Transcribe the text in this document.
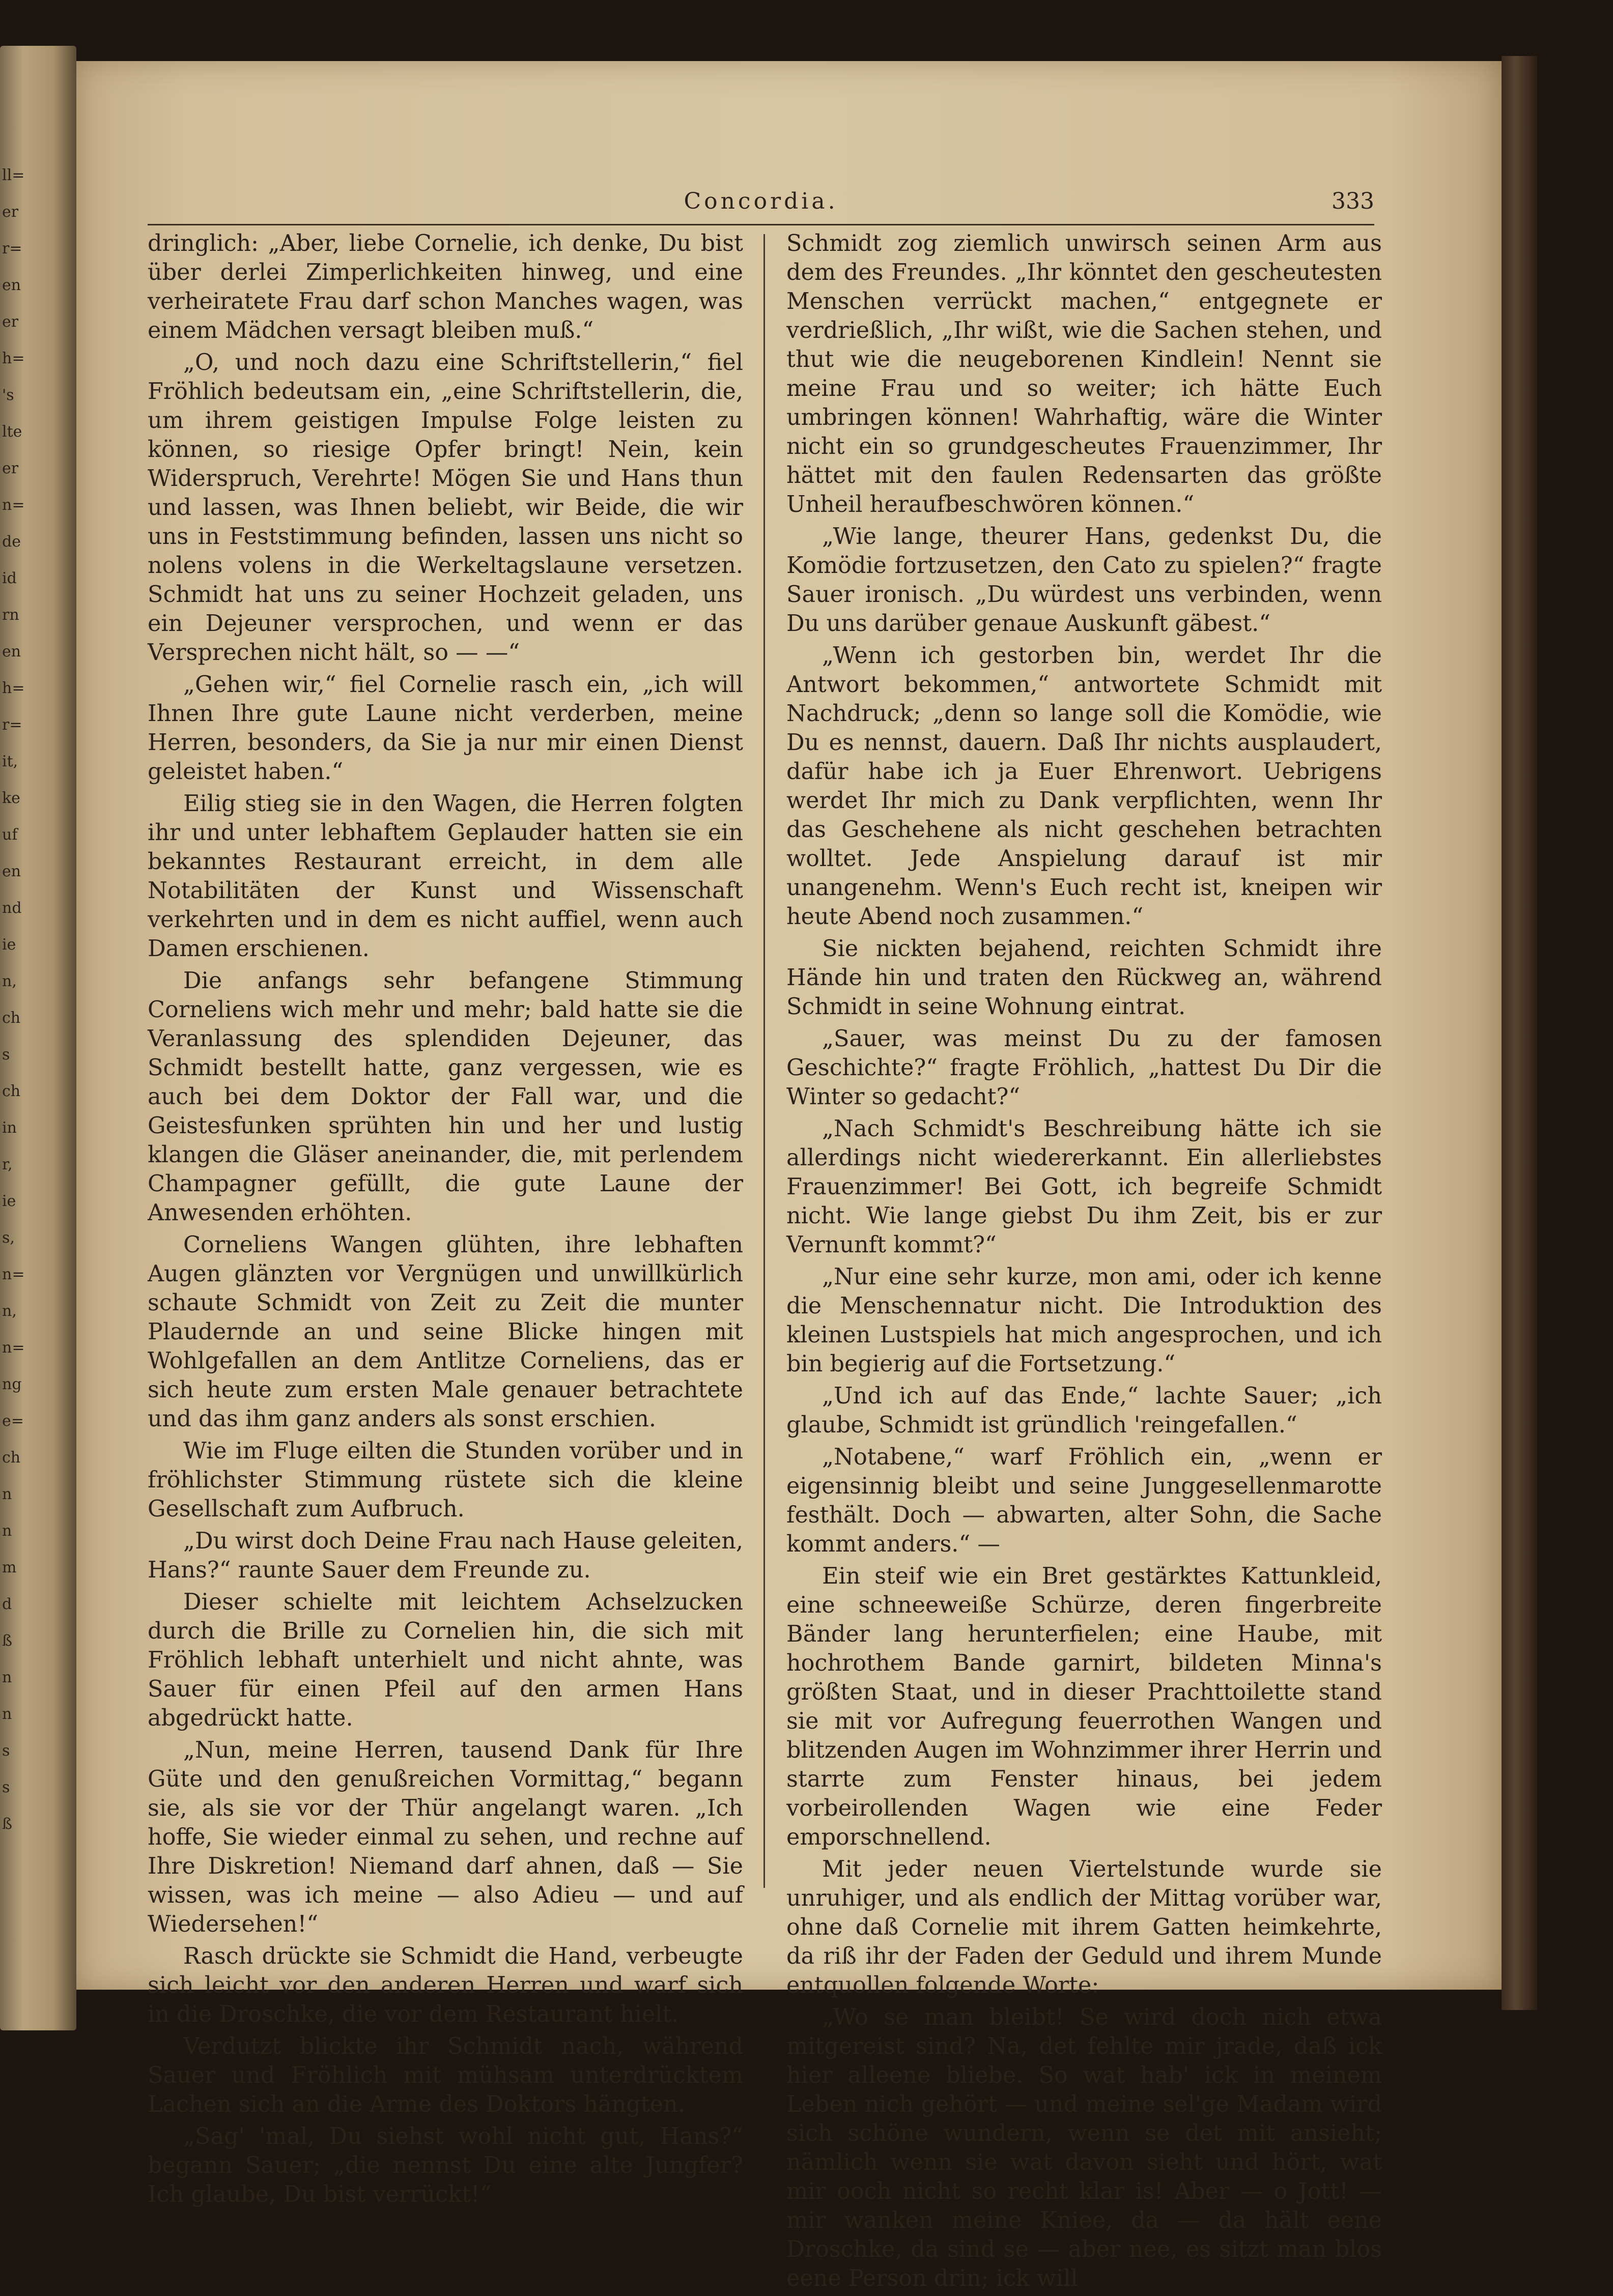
ll=
er
r=
en
er
h=
's
lte
er
n=
de
id
rn
en
h=
r=
it,
ke
uf
en
nd
ie
n,
ch
s
ch
in
r,
ie
s,
n=
n,
n=
ng
e=
ch
n
n
m
d
ß
n
n
s
s
ß
Concordia.	333

dringlich: „Aber, liebe Cornelie, ich denke, Du bist über derlei Zimperlichkeiten hinweg, und eine verheiratete Frau darf schon Manches wagen, was einem Mädchen versagt bleiben muß.“

„O, und noch dazu eine Schriftstellerin,“ fiel Fröhlich bedeutsam ein, „eine Schriftstellerin, die, um ihrem geistigen Impulse Folge leisten zu können, so riesige Opfer bringt! Nein, kein Widerspruch, Verehrte! Mögen Sie und Hans thun und lassen, was Ihnen beliebt, wir Beide, die wir uns in Feststimmung befinden, lassen uns nicht so nolens volens in die Werkeltagslaune versetzen. Schmidt hat uns zu seiner Hochzeit geladen, uns ein Dejeuner versprochen, und wenn er das Versprechen nicht hält, so — —“

„Gehen wir,“ fiel Cornelie rasch ein, „ich will Ihnen Ihre gute Laune nicht verderben, meine Herren, besonders, da Sie ja nur mir einen Dienst geleistet haben.“

Eilig stieg sie in den Wagen, die Herren folgten ihr und unter lebhaftem Geplauder hatten sie ein bekanntes Restaurant erreicht, in dem alle Notabilitäten der Kunst und Wissenschaft verkehrten und in dem es nicht auffiel, wenn auch Damen erschienen.

Die anfangs sehr befangene Stimmung Corneliens wich mehr und mehr; bald hatte sie die Veranlassung des splendiden Dejeuner, das Schmidt bestellt hatte, ganz vergessen, wie es auch bei dem Doktor der Fall war, und die Geistesfunken sprühten hin und her und lustig klangen die Gläser aneinander, die, mit perlendem Champagner gefüllt, die gute Laune der Anwesenden erhöhten.

Corneliens Wangen glühten, ihre lebhaften Augen glänzten vor Vergnügen und unwillkürlich schaute Schmidt von Zeit zu Zeit die munter Plaudernde an und seine Blicke hingen mit Wohlgefallen an dem Antlitze Corneliens, das er sich heute zum ersten Male genauer betrachtete und das ihm ganz anders als sonst erschien.

Wie im Fluge eilten die Stunden vorüber und in fröhlichster Stimmung rüstete sich die kleine Gesellschaft zum Aufbruch.

„Du wirst doch Deine Frau nach Hause geleiten, Hans?“ raunte Sauer dem Freunde zu.

Dieser schielte mit leichtem Achselzucken durch die Brille zu Cornelien hin, die sich mit Fröhlich lebhaft unterhielt und nicht ahnte, was Sauer für einen Pfeil auf den armen Hans abgedrückt hatte.

„Nun, meine Herren, tausend Dank für Ihre Güte und den genußreichen Vormittag,“ begann sie, als sie vor der Thür angelangt waren. „Ich hoffe, Sie wieder einmal zu sehen, und rechne auf Ihre Diskretion! Niemand darf ahnen, daß — Sie wissen, was ich meine — also Adieu — und auf Wiedersehen!“

Rasch drückte sie Schmidt die Hand, verbeugte sich leicht vor den anderen Herren und warf sich in die Droschke, die vor dem Restaurant hielt.

Verdutzt blickte ihr Schmidt nach, während Sauer und Fröhlich mit mühsam unterdrücktem Lachen sich an die Arme des Doktors hängten.

„Sag' 'mal, Du siehst wohl nicht gut, Hans?“ begann Sauer; „die nennst Du eine alte Jungfer? Ich glaube, Du bist verrückt!“

Schmidt zog ziemlich unwirsch seinen Arm aus dem des Freundes. „Ihr könntet den gescheutesten Menschen verrückt machen,“ entgegnete er verdrießlich, „Ihr wißt, wie die Sachen stehen, und thut wie die neugeborenen Kindlein! Nennt sie meine Frau und so weiter; ich hätte Euch umbringen können! Wahrhaftig, wäre die Winter nicht ein so grundgescheutes Frauenzimmer, Ihr hättet mit den faulen Redensarten das größte Unheil heraufbeschwören können.“

„Wie lange, theurer Hans, gedenkst Du, die Komödie fortzusetzen, den Cato zu spielen?“ fragte Sauer ironisch. „Du würdest uns verbinden, wenn Du uns darüber genaue Auskunft gäbest.“

„Wenn ich gestorben bin, werdet Ihr die Antwort bekommen,“ antwortete Schmidt mit Nachdruck; „denn so lange soll die Komödie, wie Du es nennst, dauern. Daß Ihr nichts ausplaudert, dafür habe ich ja Euer Ehrenwort. Uebrigens werdet Ihr mich zu Dank verpflichten, wenn Ihr das Geschehene als nicht geschehen betrachten wolltet. Jede Anspielung darauf ist mir unangenehm. Wenn's Euch recht ist, kneipen wir heute Abend noch zusammen.“

Sie nickten bejahend, reichten Schmidt ihre Hände hin und traten den Rückweg an, während Schmidt in seine Wohnung eintrat.

„Sauer, was meinst Du zu der famosen Geschichte?“ fragte Fröhlich, „hattest Du Dir die Winter so gedacht?“

„Nach Schmidt's Beschreibung hätte ich sie allerdings nicht wiedererkannt. Ein allerliebstes Frauenzimmer! Bei Gott, ich begreife Schmidt nicht. Wie lange giebst Du ihm Zeit, bis er zur Vernunft kommt?“

„Nur eine sehr kurze, mon ami, oder ich kenne die Menschennatur nicht. Die Introduktion des kleinen Lustspiels hat mich angesprochen, und ich bin begierig auf die Fortsetzung.“

„Und ich auf das Ende,“ lachte Sauer; „ich glaube, Schmidt ist gründlich 'reingefallen.“

„Notabene,“ warf Fröhlich ein, „wenn er eigensinnig bleibt und seine Junggesellenmarotte festhält. Doch — abwarten, alter Sohn, die Sache kommt anders.“ —

Ein steif wie ein Bret gestärktes Kattunkleid, eine schneeweiße Schürze, deren fingerbreite Bänder lang herunterfielen; eine Haube, mit hochrothem Bande garnirt, bildeten Minna's größten Staat, und in dieser Prachttoilette stand sie mit vor Aufregung feuerrothen Wangen und blitzenden Augen im Wohnzimmer ihrer Herrin und starrte zum Fenster hinaus, bei jedem vorbeirollenden Wagen wie eine Feder emporschnellend.

Mit jeder neuen Viertelstunde wurde sie unruhiger, und als endlich der Mittag vorüber war, ohne daß Cornelie mit ihrem Gatten heimkehrte, da riß ihr der Faden der Geduld und ihrem Munde entquollen folgende Worte:

„Wo se man bleibt! Se wird doch nich etwa mitgereist sind? Na, det fehlte mir jrade, daß ick hier alleene bliebe. So wat hab' ick in meinem Leben nich gehört — und meine sel'ge Madam wird sich schöne wundern, wenn se det mit ansieht; nämlich wenn sie wat davon sieht und hört, wat mir ooch nicht so recht klar is! Aber — o Jott! — mir wanken meine Kniee, da — da hält eene Droschke, da sind se — aber nee, es sitzt man blos eene Person drin; ick will
